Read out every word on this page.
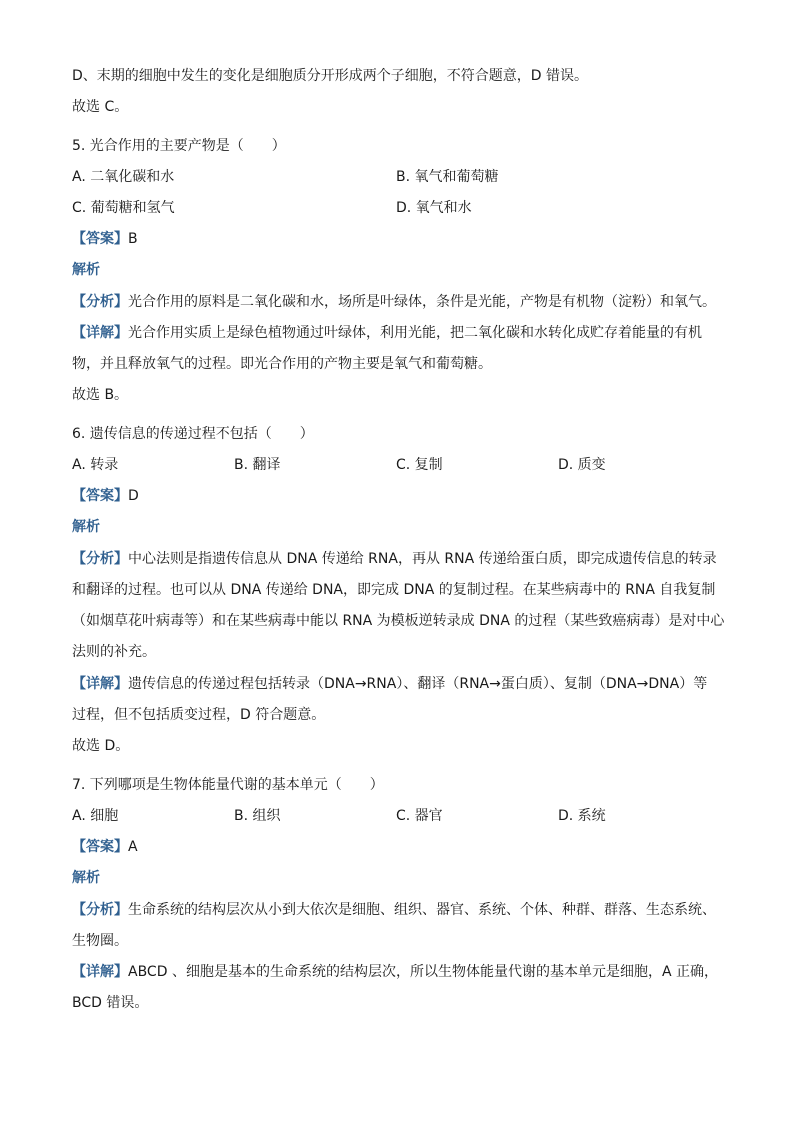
D、末期的细胞中发生的变化是细胞质分开形成两个子细胞，不符合题意，D 错误。
故选 C。
5. 光合作用的主要产物是（　　）
A. 二氧化碳和水	B. 氧气和葡萄糖
C. 葡萄糖和氢气	D. 氧气和水
【答案】B
解析
【分析】光合作用的原料是二氧化碳和水，场所是叶绿体，条件是光能，产物是有机物（淀粉）和氧气。
【详解】光合作用实质上是绿色植物通过叶绿体，利用光能，把二氧化碳和水转化成贮存着能量的有机
物，并且释放氧气的过程。即光合作用的产物主要是氧气和葡萄糖。
故选 B。
6. 遗传信息的传递过程不包括（　　）
A. 转录	B. 翻译	C. 复制	D. 质变
【答案】D
解析
【分析】中心法则是指遗传信息从 DNA 传递给 RNA，再从 RNA 传递给蛋白质，即完成遗传信息的转录
和翻译的过程。也可以从 DNA 传递给 DNA，即完成 DNA 的复制过程。在某些病毒中的 RNA 自我复制
（如烟草花叶病毒等）和在某些病毒中能以 RNA 为模板逆转录成 DNA 的过程（某些致癌病毒）是对中心
法则的补充。
【详解】遗传信息的传递过程包括转录（DNA→RNA）、翻译（RNA→蛋白质）、复制（DNA→DNA）等
过程，但不包括质变过程，D 符合题意。
故选 D。
7. 下列哪项是生物体能量代谢的基本单元（　　）
A. 细胞	B. 组织	C. 器官	D. 系统
【答案】A
解析
【分析】生命系统的结构层次从小到大依次是细胞、组织、器官、系统、个体、种群、群落、生态系统、
生物圈。
【详解】ABCD 、细胞是基本的生命系统的结构层次，所以生物体能量代谢的基本单元是细胞，A 正确，
BCD 错误。
